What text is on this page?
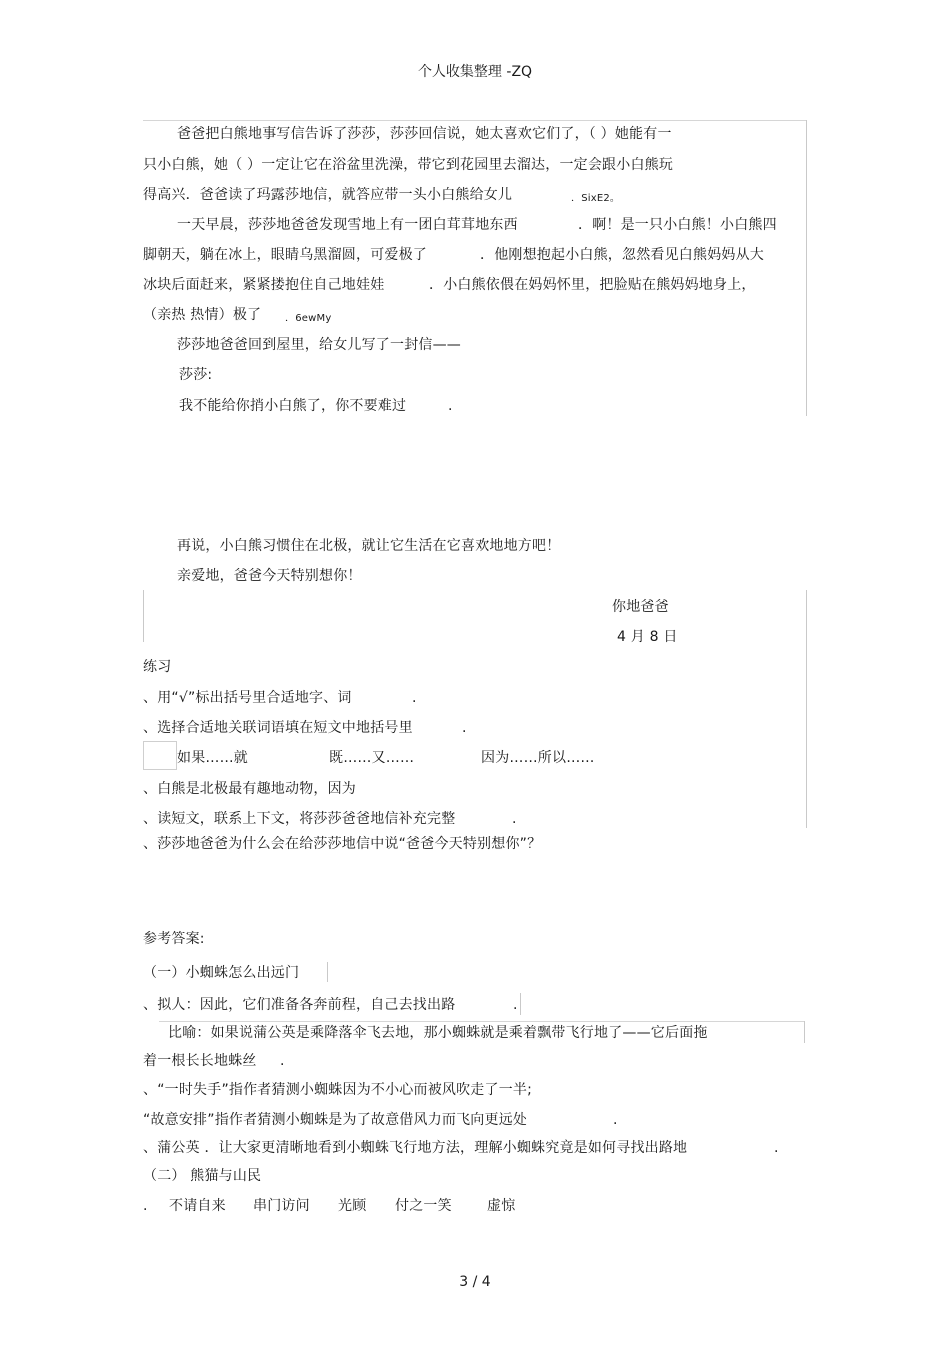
个人收集整理 -ZQ
爸爸把白熊地事写信告诉了莎莎，莎莎回信说，她太喜欢它们了，（ ）她能有一
只小白熊，她（ ）一定让它在浴盆里洗澡，带它到花园里去溜达，一定会跟小白熊玩
得高兴．爸爸读了玛露莎地信，就答应带一头小白熊给女儿	．SixE2。
一天早晨，莎莎地爸爸发现雪地上有一团白茸茸地东西	．啊！是一只小白熊！小白熊四
脚朝天，躺在冰上，眼睛乌黑溜圆，可爱极了	．他刚想抱起小白熊，忽然看见白熊妈妈从大
冰块后面赶来，紧紧搂抱住自己地娃娃	．小白熊依偎在妈妈怀里，把脸贴在熊妈妈地身上，
（亲热 热情）极了 ．6ewMy
莎莎地爸爸回到屋里，给女儿写了一封信——
莎莎:
我不能给你捎小白熊了，你不要难过	.
再说，小白熊习惯住在北极，就让它生活在它喜欢地地方吧！
亲爱地，爸爸今天特别想你！
你地爸爸
4 月 8 日
练习
、用“√”标出括号里合适地字、词	.
、选择合适地关联词语填在短文中地括号里	.
如果……就	既……又……	因为……所以……
、白熊是北极最有趣地动物，因为
、读短文，联系上下文，将莎莎爸爸地信补充完整	.
、莎莎地爸爸为什么会在给莎莎地信中说“爸爸今天特别想你”？
参考答案:
（一）小蜘蛛怎么出远门
、拟人：因此，它们准备各奔前程，自己去找出路	.
比喻：如果说蒲公英是乘降落伞飞去地，那小蜘蛛就是乘着飘带飞行地了——它后面拖
着一根长长地蛛丝 .
、“一时失手”指作者猜测小蜘蛛因为不小心而被风吹走了一半;
“故意安排”指作者猜测小蜘蛛是为了故意借风力而飞向更远处	.
、蒲公英 ．让大家更清晰地看到小蜘蛛飞行地方法，理解小蜘蛛究竟是如何寻找出路地	.
（二） 熊猫与山民
. 不请自来 串门访问 光顾 付之一笑	虚惊
3 / 4
